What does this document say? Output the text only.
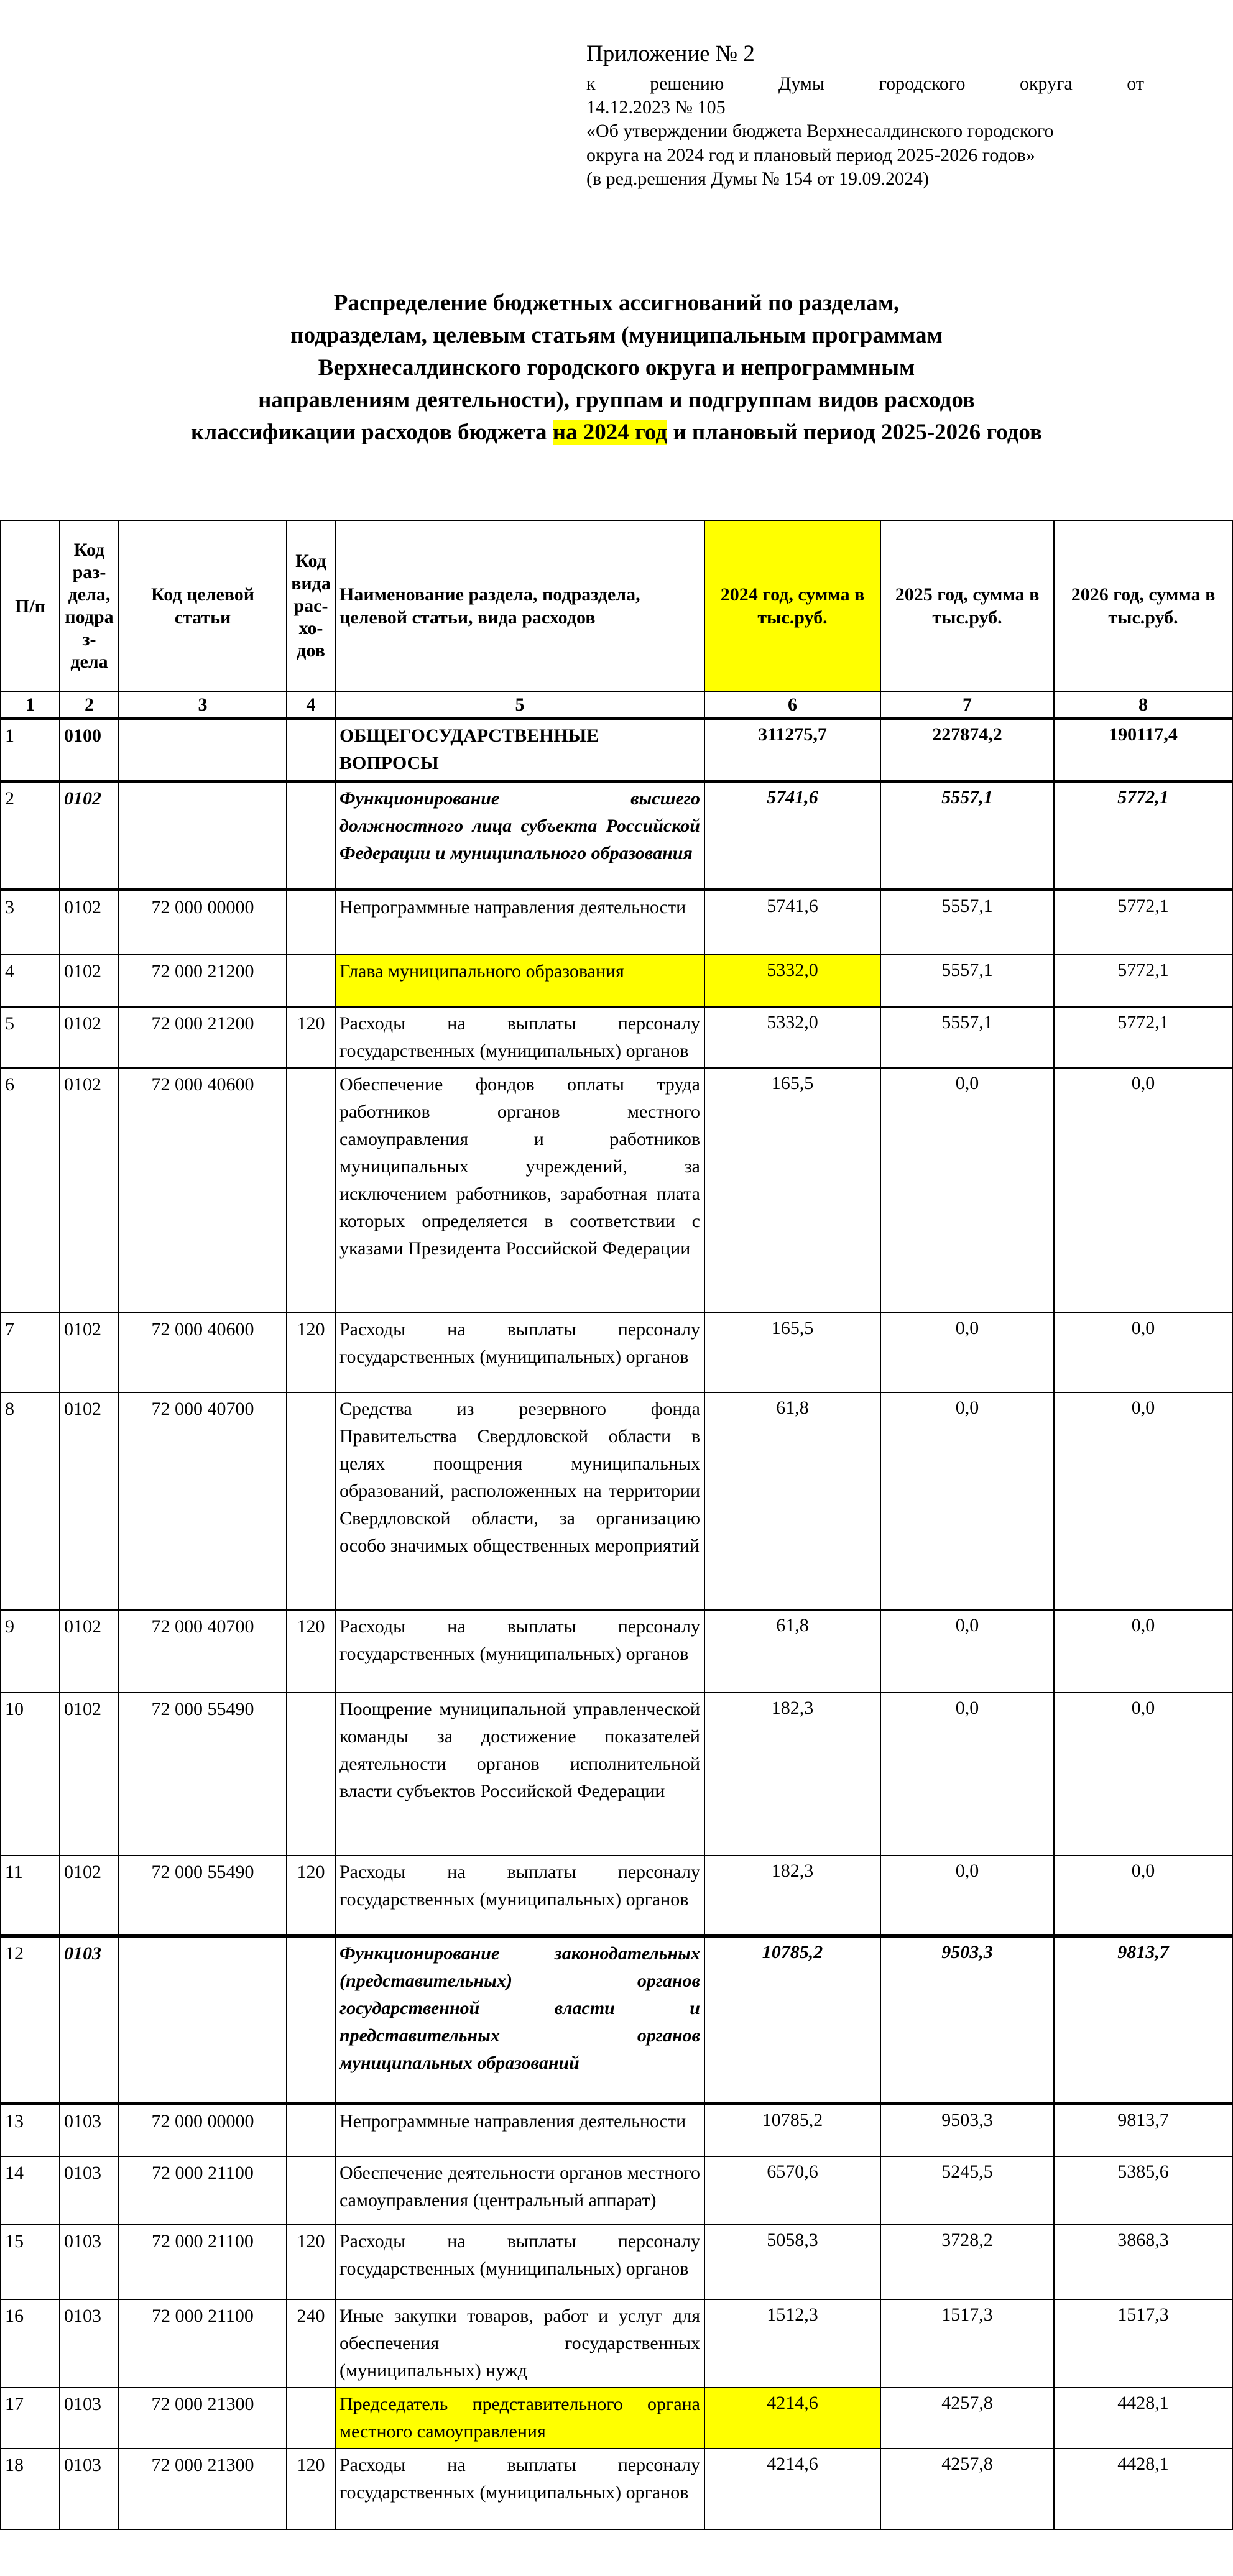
Приложение № 2
к решению Думы городского округа от
14.12.2023 № 105
«Об утверждении бюджета Верхнесалдинского городского
округа на 2024 год и плановый период 2025-2026 годов»
(в ред.решения Думы № 154 от 19.09.2024)
Распределение бюджетных ассигнований по разделам,
подразделам, целевым статьям (муниципальным программам
Верхнесалдинского городского округа и непрограммным
направлениям деятельности), группам и подгруппам видов расходов
классификации расходов бюджета на 2024 год и плановый период 2025-2026 годов
П/п	Код раз-дела, подра з-дела	Код целевой статьи	Код вида рас-хо-дов	Наименование раздела, подраздела, целевой статьи, вида расходов	2024 год, сумма в тыс.руб.	2025 год, сумма в тыс.руб.	2026 год, сумма в тыс.руб.
1	2	3	4	5	6	7	8
1	0100			ОБЩЕГОСУДАРСТВЕННЫЕ ВОПРОСЫ	311275,7	227874,2	190117,4
2	0102			Функционирование высшего должностного лица субъекта Российской Федерации и муниципального образования	5741,6	5557,1	5772,1
3	0102	72 000 00000		Непрограммные направления деятельности	5741,6	5557,1	5772,1
4	0102	72 000 21200		Глава муниципального образования	5332,0	5557,1	5772,1
5	0102	72 000 21200	120	Расходы на выплаты персоналу государственных (муниципальных) органов	5332,0	5557,1	5772,1
6	0102	72 000 40600		Обеспечение фондов оплаты труда работников органов местного самоуправления и работников муниципальных учреждений, за исключением работников, заработная плата которых определяется в соответствии с указами Президента Российской Федерации	165,5	0,0	0,0
7	0102	72 000 40600	120	Расходы на выплаты персоналу государственных (муниципальных) органов	165,5	0,0	0,0
8	0102	72 000 40700		Средства из резервного фонда Правительства Свердловской области в целях поощрения муниципальных образований, расположенных на территории Свердловской области, за организацию особо значимых общественных мероприятий	61,8	0,0	0,0
9	0102	72 000 40700	120	Расходы на выплаты персоналу государственных (муниципальных) органов	61,8	0,0	0,0
10	0102	72 000 55490		Поощрение муниципальной управленческой команды за достижение показателей деятельности органов исполнительной власти субъектов Российской Федерации	182,3	0,0	0,0
11	0102	72 000 55490	120	Расходы на выплаты персоналу государственных (муниципальных) органов	182,3	0,0	0,0
12	0103			Функционирование законодательных (представительных) органов государственной власти и представительных органов муниципальных образований	10785,2	9503,3	9813,7
13	0103	72 000 00000		Непрограммные направления деятельности	10785,2	9503,3	9813,7
14	0103	72 000 21100		Обеспечение деятельности органов местного самоуправления (центральный аппарат)	6570,6	5245,5	5385,6
15	0103	72 000 21100	120	Расходы на выплаты персоналу государственных (муниципальных) органов	5058,3	3728,2	3868,3
16	0103	72 000 21100	240	Иные закупки товаров, работ и услуг для обеспечения государственных (муниципальных) нужд	1512,3	1517,3	1517,3
17	0103	72 000 21300		Председатель представительного органа местного самоуправления	4214,6	4257,8	4428,1
18	0103	72 000 21300	120	Расходы на выплаты персоналу государственных (муниципальных) органов	4214,6	4257,8	4428,1
